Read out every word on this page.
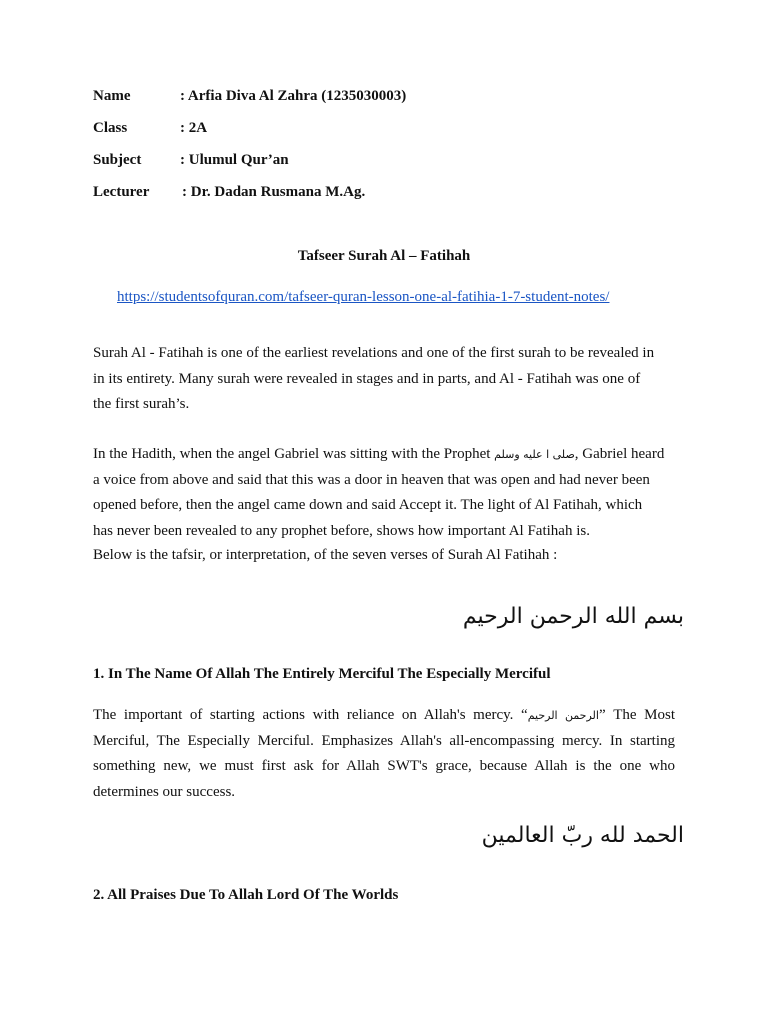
Name	: Arfia Diva Al Zahra (1235030003)
Class	: 2A
Subject	: Ulumul Qur’an
Lecturer : Dr. Dadan Rusmana M.Ag.
Tafseer Surah Al – Fatihah
https://studentsofquran.com/tafseer-quran-lesson-one-al-fatihia-1-7-student-notes/

Surah Al - Fatihah is one of the earliest revelations and one of the first surah to be revealed in
in its entirety. Many surah were revealed in stages and in parts, and Al - Fatihah was one of
the first surah’s.

In the Hadith, when the angel Gabriel was sitting with the Prophet صلى ا عليه وسلم, Gabriel heard
a voice from above and said that this was a door in heaven that was open and had never been
opened before, then the angel came down and said Accept it. The light of Al Fatihah, which
has never been revealed to any prophet before, shows how important Al Fatihah is.
Below is the tafsir, or interpretation, of the seven verses of Surah Al Fatihah :

بسم الله الرحمن الرحيم
1. In The Name Of Allah The Entirely Merciful The Especially Merciful

The important of starting actions with reliance on Allah's mercy. “الرحمن الرحيم” The Most
Merciful, The Especially Merciful. Emphasizes Allah's all-encompassing mercy. In starting
something new, we must first ask for Allah SWT's grace, because Allah is the one who
determines our success.

الحمد لله ربّ العالمين
2. All Praises Due To Allah Lord Of The Worlds
